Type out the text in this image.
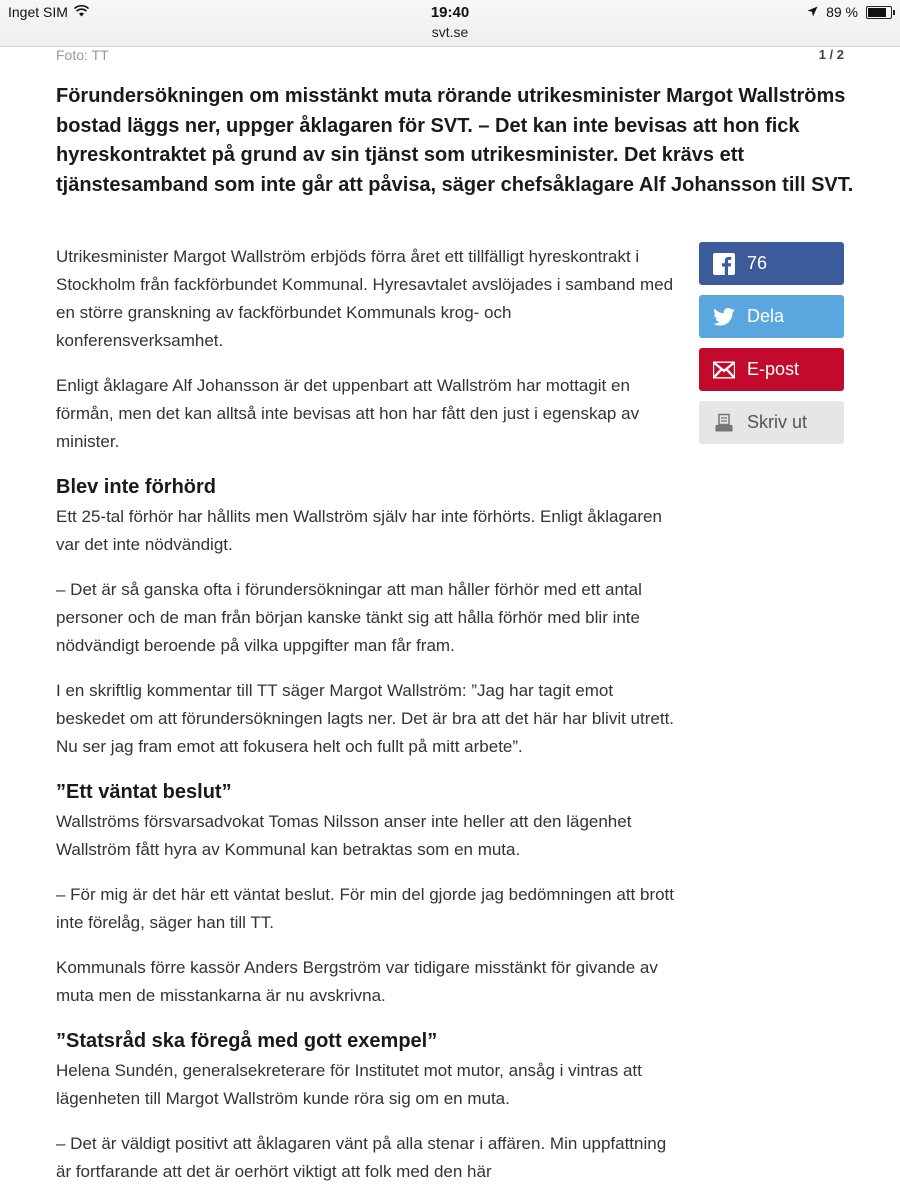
Inget SIM	19:40
svt.se
89 %
Foto: TT	1 / 2

Förundersökningen om misstänkt muta rörande utrikesminister Margot Wallströms bostad läggs ner, uppger åklagaren för SVT. – Det kan inte bevisas att hon fick hyreskontraktet på grund av sin tjänst som utrikesminister. Det krävs ett tjänstesamband som inte går att påvisa, säger chefsåklagare Alf Johansson till SVT.

Utrikesminister Margot Wallström erbjöds förra året ett tillfälligt hyreskontrakt i Stockholm från fackförbundet Kommunal. Hyresavtalet avslöjades i samband med en större granskning av fackförbundet Kommunals krog- och konferensverksamhet.

Enligt åklagare Alf Johansson är det uppenbart att Wallström har mottagit en förmån, men det kan alltså inte bevisas att hon har fått den just i egenskap av minister.

Blev inte förhörd

Ett 25-tal förhör har hållits men Wallström själv har inte förhörts. Enligt åklagaren var det inte nödvändigt.

– Det är så ganska ofta i förundersökningar att man håller förhör med ett antal personer och de man från början kanske tänkt sig att hålla förhör med blir inte nödvändigt beroende på vilka uppgifter man får fram.

I en skriftlig kommentar till TT säger Margot Wallström: ”Jag har tagit emot beskedet om att förundersökningen lagts ner. Det är bra att det här har blivit utrett. Nu ser jag fram emot att fokusera helt och fullt på mitt arbete”.

”Ett väntat beslut”

Wallströms försvarsadvokat Tomas Nilsson anser inte heller att den lägenhet Wallström fått hyra av Kommunal kan betraktas som en muta.

– För mig är det här ett väntat beslut. För min del gjorde jag bedömningen att brott inte förelåg, säger han till TT.

Kommunals förre kassör Anders Bergström var tidigare misstänkt för givande av muta men de misstankarna är nu avskrivna.

”Statsråd ska föregå med gott exempel”

Helena Sundén, generalsekreterare för Institutet mot mutor, ansåg i vintras att lägenheten till Margot Wallström kunde röra sig om en muta.

– Det är väldigt positivt att åklagaren vänt på alla stenar i affären. Min uppfattning är fortfarande att det är oerhört viktigt att folk med den här

76
Dela
E-post
Skriv ut
